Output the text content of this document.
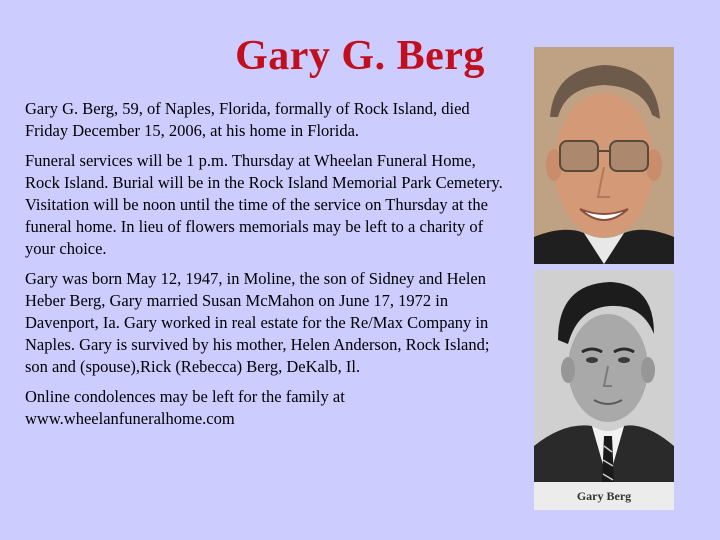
Gary G. Berg

Gary G. Berg, 59, of Naples, Florida, formally of Rock Island, died Friday December 15, 2006, at his home in Florida.

Funeral services will be 1 p.m. Thursday at Wheelan Funeral Home, Rock Island. Burial will be in the Rock Island Memorial Park Cemetery. Visitation will be noon until the time of the service on Thursday at the funeral home. In lieu of flowers memorials may be left to a charity of your choice.

Gary was born May 12, 1947, in Moline, the son of Sidney and Helen Heber Berg, Gary married Susan McMahon on June 17, 1972 in Davenport, Ia. Gary worked in real estate for the Re/Max Company in Naples. Gary is survived by his mother, Helen Anderson, Rock Island; son and (spouse),Rick (Rebecca) Berg, DeKalb, Il.

Online condolences may be left for the family at www.wheelanfuneralhome.com

Gary Berg
